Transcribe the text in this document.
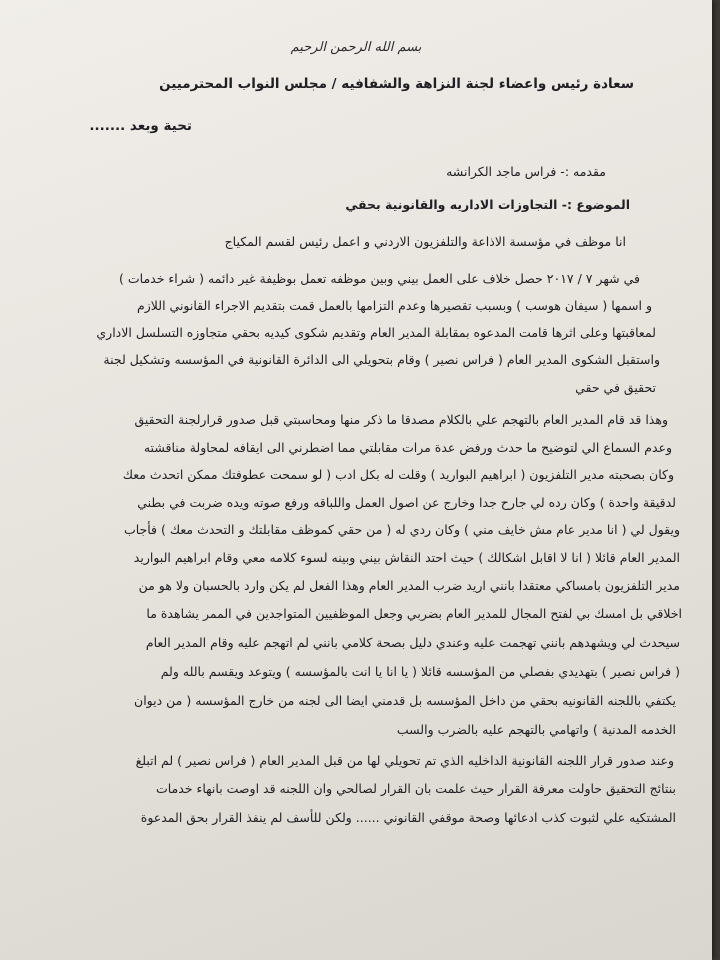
بسم الله الرحمن الرحيم
سعادة رئيس واعضاء لجنة النزاهة والشفافيه / مجلس النواب المحترميين
تحية وبعد .......
مقدمه :- فراس ماجد الكرانشه
الموضوع :- التجاوزات الاداريه والقانونية بحقي
انا موظف في مؤسسة الاذاعة والتلفزيون الاردني و اعمل رئيس لقسم المكياج
في شهر ٧ / ٢٠١٧ حصل خلاف على العمل بيني وبين موظفه تعمل بوظيفة غير دائمه ( شراء خدمات )
و اسمها ( سيفان هوسب ) وبسبب تقصيرها وعدم التزامها بالعمل قمت بتقديم الاجراء القانوني اللازم
لمعاقبتها وعلى اثرها قامت المدعوه بمقابلة المدير العام وتقديم شكوى كيديه بحقي متجاوزه التسلسل الاداري
واستقبل الشكوى المدير العام ( فراس نصير ) وقام بتحويلي الى الدائرة القانونية في المؤسسه وتشكيل لجنة
تحقيق في حقي
وهذا قد قام المدير العام بالتهجم علي بالكلام مصدقا ما ذكر منها ومحاسبتي قبل صدور قرارلجنة التحقيق
وعدم السماع الي لتوضيح ما حدث ورفض عدة مرات مقابلتي مما اضطرني الى ايقافه لمحاولة مناقشته
وكان بصحبته مدير التلفزيون ( ابراهيم البواريد ) وقلت له بكل ادب ( لو سمحت عطوفتك ممكن اتحدث معك
لدقيقة واحدة ) وكان رده لي جارح جدا وخارج عن اصول العمل واللباقه ورفع صوته ويده ضربت في بطني
ويقول لي ( انا مدير عام مش خايف مني ) وكان ردي له ( من حقي كموظف مقابلتك و التحدث معك ) فأجاب
المدير العام قائلا ( انا لا اقابل اشكالك ) حيث احتد النقاش بيني وبينه لسوء كلامه معي وقام ابراهيم البواريد
مدير التلفزيون بامساكي معتقدا بانني اريد ضرب المدير العام وهذا الفعل لم يكن وارد بالحسبان ولا هو من
اخلاقي بل امسك بي لفتح المجال للمدير العام بضربي وجعل الموظفيين المتواجدين في الممر يشاهدة ما
سيحدث لي ويشهدهم بانني تهجمت عليه وعندي دليل بصحة كلامي بانني لم اتهجم عليه وقام المدير العام
( فراس نصير ) بتهديدي بفصلي من المؤسسه قائلا ( يا انا يا انت بالمؤسسه ) ويتوعد ويقسم بالله ولم
يكتفي باللجنه القانونيه بحقي من داخل المؤسسه بل قدمني ايضا الى لجنه من خارج المؤسسه ( من ديوان
الخدمه المدنية ) واتهامي بالتهجم عليه بالضرب والسب
وعند صدور قرار اللجنه القانونية الداخليه الذي تم تحويلي لها من قبل المدير العام ( فراس نصير ) لم اتبلغ
بنتائج التحقيق حاولت معرفة القرار حيث علمت بان القرار لصالحي وان اللجنه قد اوصت بانهاء خدمات
المشتكيه علي لثبوت كذب ادعائها وصحة موقفي القانوني ...... ولكن للأسف لم ينفذ القرار بحق المدعوة
